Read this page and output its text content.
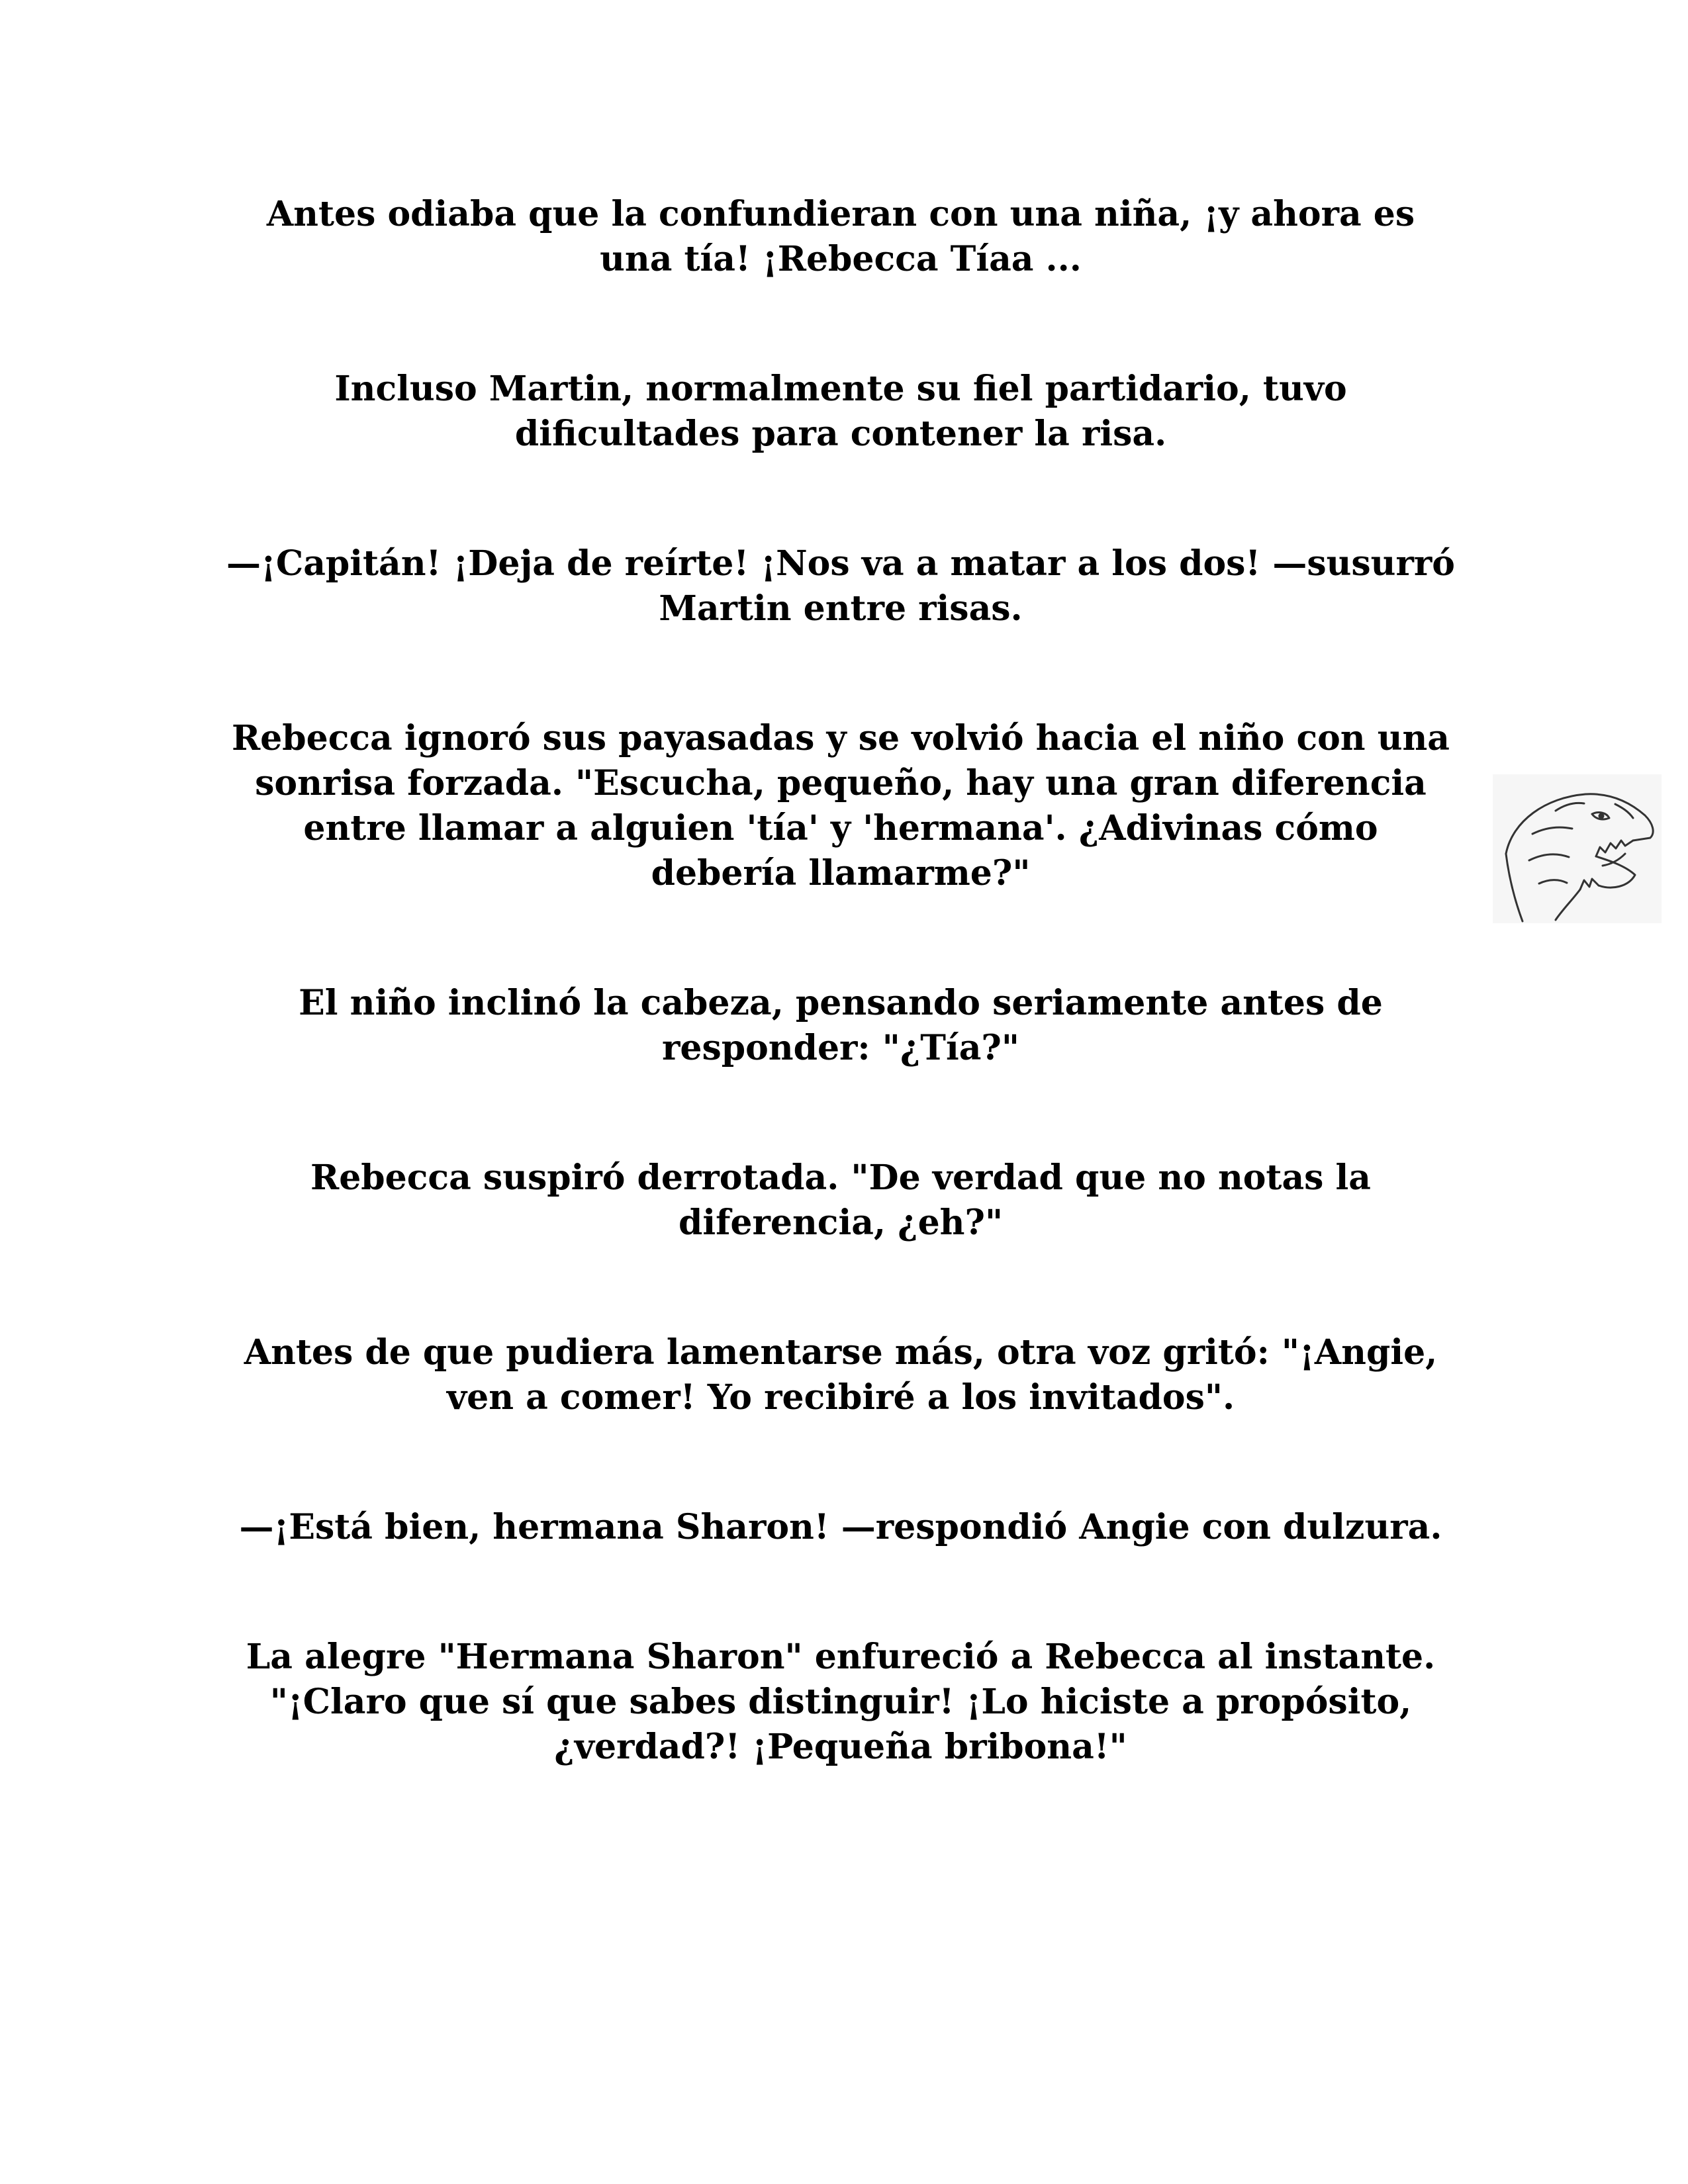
Antes odiaba que la confundieran con una niña, ¡y ahora es
una tía! ¡Rebecca Tíaa ...

Incluso Martin, normalmente su fiel partidario, tuvo
dificultades para contener la risa.

—¡Capitán! ¡Deja de reírte! ¡Nos va a matar a los dos! —susurró
Martin entre risas.

Rebecca ignoró sus payasadas y se volvió hacia el niño con una
sonrisa forzada. "Escucha, pequeño, hay una gran diferencia
entre llamar a alguien 'tía' y 'hermana'. ¿Adivinas cómo
debería llamarme?"

El niño inclinó la cabeza, pensando seriamente antes de
responder: "¿Tía?"

Rebecca suspiró derrotada. "De verdad que no notas la
diferencia, ¿eh?"

Antes de que pudiera lamentarse más, otra voz gritó: "¡Angie,
ven a comer! Yo recibiré a los invitados".

—¡Está bien, hermana Sharon! —respondió Angie con dulzura.

La alegre "Hermana Sharon" enfureció a Rebecca al instante.
"¡Claro que sí que sabes distinguir! ¡Lo hiciste a propósito,
¿verdad?! ¡Pequeña bribona!"
